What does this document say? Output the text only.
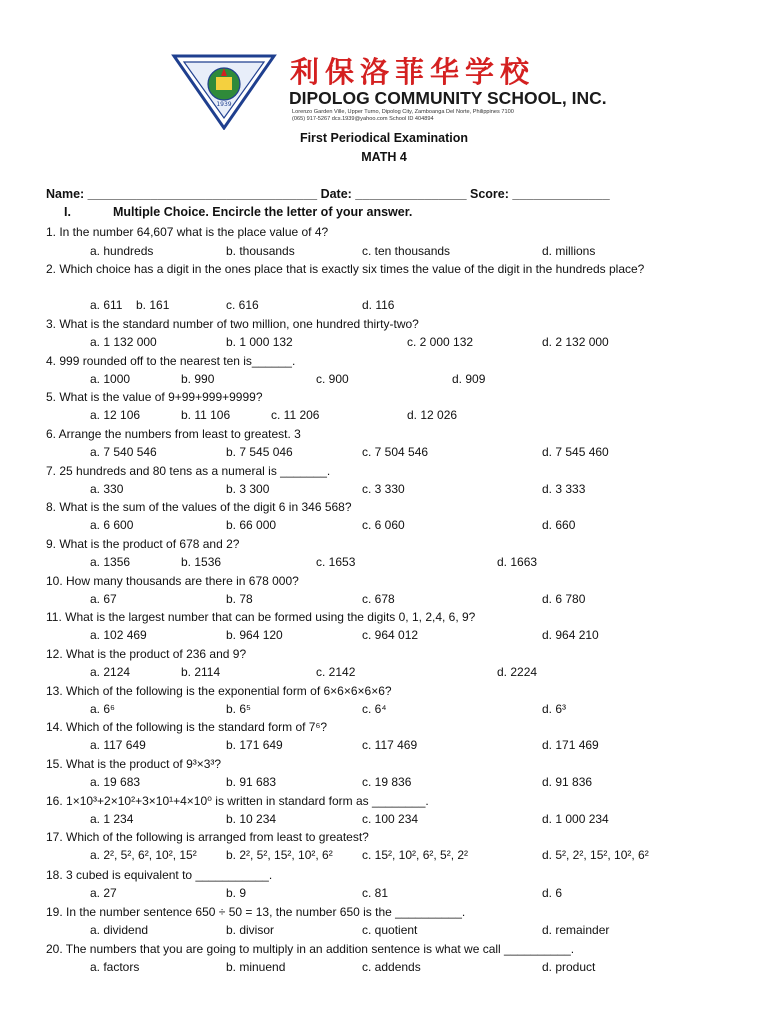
1939
利保洛菲华学校
DIPOLOG COMMUNITY SCHOOL, INC.
Lorenzo Garden Ville, Upper Turno, Dipolog City, Zamboanga Del Norte, Philippines 7100
(065) 917-5267 dcs.1939@yahoo.com School ID 404894
First Periodical Examination
MATH 4
Name: _________________________________ Date: ________________ Score: ______________
I.	Multiple Choice. Encircle the letter of your answer.
1. In the number 64,607 what is the place value of 4?
a. hundreds	b. thousands	c. ten thousands	d. millions
2. Which choice has a digit in the ones place that is exactly six times the value of the digit in the hundreds place?
a. 611 b. 161	c. 616	d. 116
3. What is the standard number of two million, one hundred thirty-two?
a. 1 132 000	b. 1 000 132	c. 2 000 132	d. 2 132 000
4. 999 rounded off to the nearest ten is______.
a. 1000	b. 990	c. 900	d. 909
5. What is the value of 9+99+999+9999?
a. 12 106	b. 11 106	c. 11 206	d. 12 026
6. Arrange the numbers from least to greatest. 3
a. 7 540 546	b. 7 545 046	c. 7 504 546	d. 7 545 460
7. 25 hundreds and 80 tens as a numeral is _______.
a. 330	b. 3 300	c. 3 330	d. 3 333
8. What is the sum of the values of the digit 6 in 346 568?
a. 6 600	b. 66 000	c. 6 060	d. 660
9. What is the product of 678 and 2?
a. 1356	b. 1536	c. 1653	d. 1663
10. How many thousands are there in 678 000?
a. 67	b. 78	c. 678	d. 6 780
11. What is the largest number that can be formed using the digits 0, 1, 2,4, 6, 9?
a. 102 469	b. 964 120	c. 964 012	d. 964 210
12. What is the product of 236 and 9?
a. 2124	b. 2114	c. 2142	d. 2224
13. Which of the following is the exponential form of 6×6×6×6×6?
a. 6⁶	b. 6⁵	c. 6⁴	d. 6³
14. Which of the following is the standard form of 7⁶?
a. 117 649	b. 171 649	c. 117 469	d. 171 469
15. What is the product of 9³×3³?
a. 19 683	b. 91 683	c. 19 836	d. 91 836
16. 1×10³+2×10²+3×10¹+4×10⁰ is written in standard form as ________.
a. 1 234	b. 10 234	c. 100 234	d. 1 000 234
17. Which of the following is arranged from least to greatest?
a. 2², 5², 6², 10², 15² b. 2², 5², 15², 10², 6² c. 15², 10², 6², 5², 2²	d. 5², 2², 15², 10², 6²
18. 3 cubed is equivalent to ___________.
a. 27	b. 9	c. 81	d. 6
19. In the number sentence 650 ÷ 50 = 13, the number 650 is the __________.
a. dividend	b. divisor	c. quotient	d. remainder
20. The numbers that you are going to multiply in an addition sentence is what we call __________.
a. factors	b. minuend	c. addends	d. product
